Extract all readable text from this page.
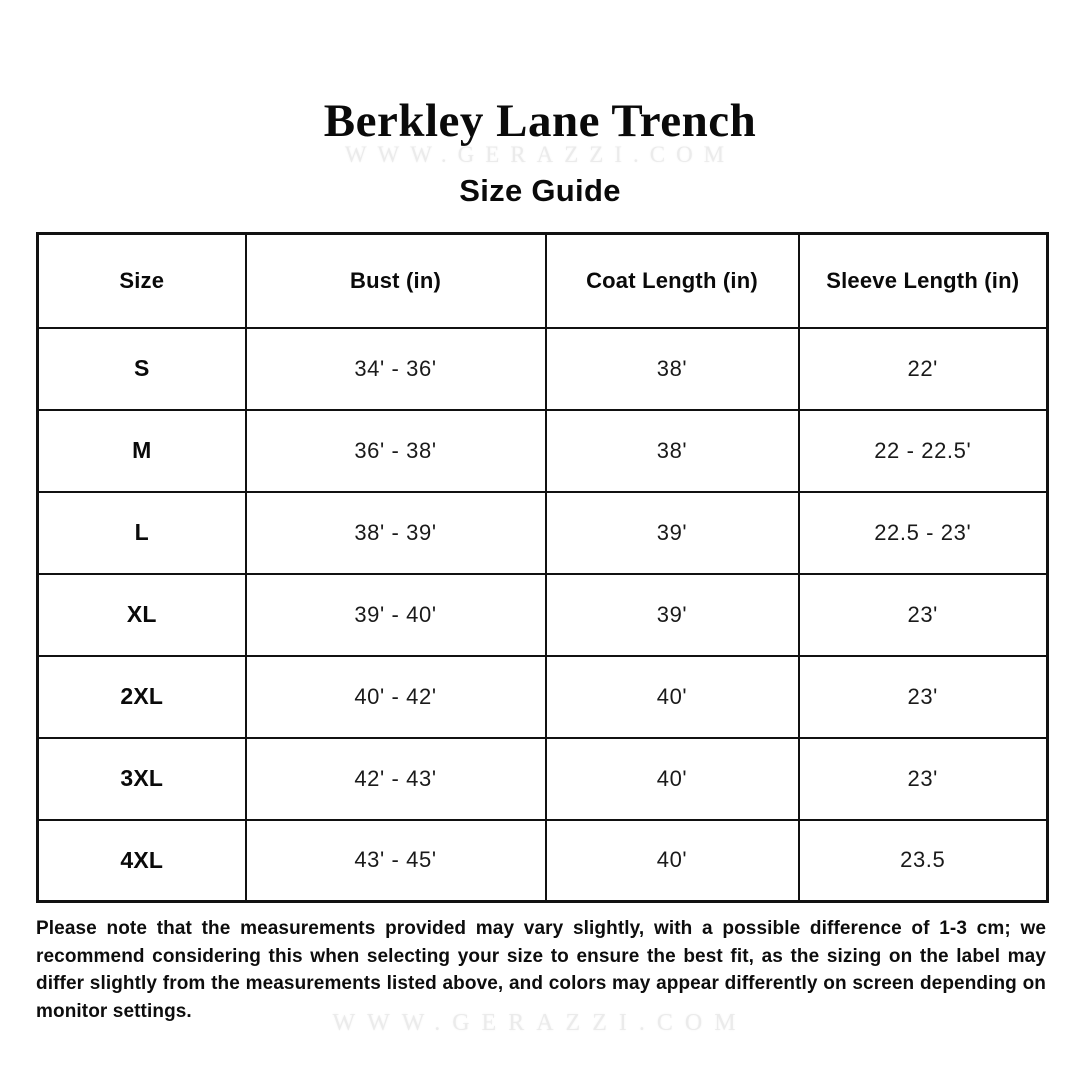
Berkley Lane Trench
WWW.GERAZZI.COM
Size Guide
Size	Bust (in)	Coat Length (in)	Sleeve Length (in)
S	34' - 36'	38'	22'
M	36' - 38'	38'	22 - 22.5'
L	38' - 39'	39'	22.5 - 23'
XL	39' - 40'	39'	23'
2XL	40' - 42'	40'	23'
3XL	42' - 43'	40'	23'
4XL	43' - 45'	40'	23.5
Please note that the measurements provided may vary slightly, with a possible difference of 1-3 cm; we recommend considering this when selecting your size to ensure the best fit, as the sizing on the label may differ slightly from the measurements listed above, and colors may appear differently on screen depending on monitor settings.	WWW.GERAZZI.COM
